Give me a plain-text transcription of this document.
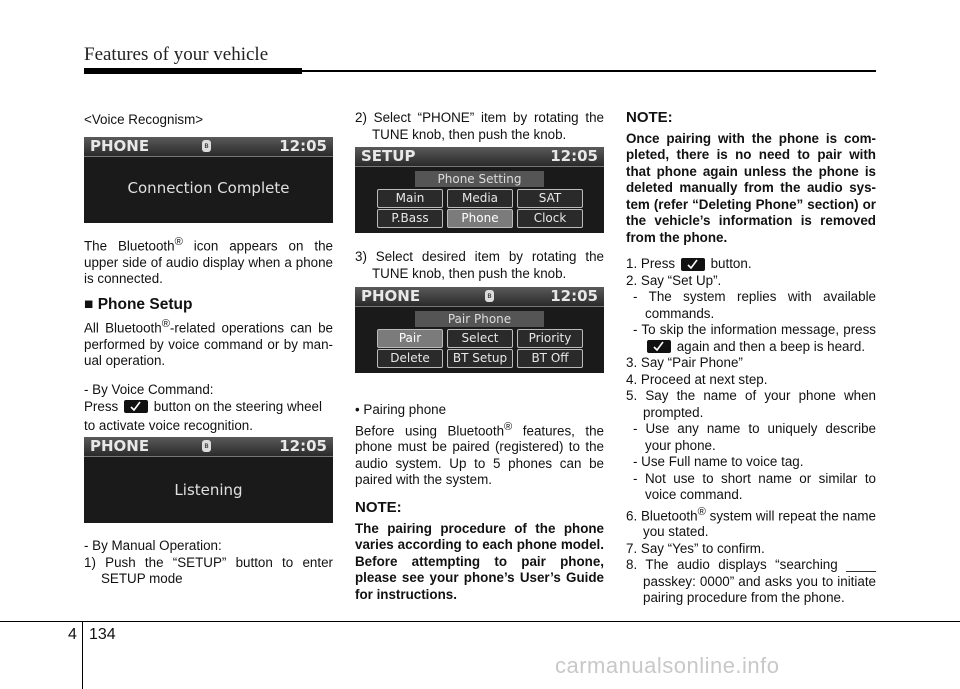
Features of your vehicle

<Voice Recognism>

PHONE	ʙ	12:05
Connection Complete

The Bluetooth® icon appears on the upper side of audio display when a phone is connected.

■ Phone Setup

All Bluetooth®-related operations can be performed by voice command or by man-ual operation.

- By Voice Command:

Press	button on the steering wheel

to activate voice recognition.

PHONE	ʙ	12:05
Listening

- By Manual Operation:

1) Push the “SETUP” button to enter SETUP mode

2) Select “PHONE” item by rotating the TUNE knob, then push the knob.

SETUP	12:05
Phone Setting
Main	Media	SAT
P.Bass	Phone	Clock

3) Select desired item by rotating the TUNE knob, then push the knob.

PHONE	ʙ	12:05
Pair Phone
Pair	Select	Priority
Delete	BT Setup	BT Off

• Pairing phone

Before using Bluetooth® features, the phone must be paired (registered) to the audio system. Up to 5 phones can be paired with the system.

NOTE:

The pairing procedure of the phone varies according to each phone model. Before attempting to pair phone, please see your phone’s User’s Guide for instructions.

NOTE:

Once pairing with the phone is com-pleted, there is no need to pair with that phone again unless the phone is deleted manually from the audio sys-tem (refer “Deleting Phone” section) or the vehicle’s information is removed from the phone.

1. Press	button.

2. Say “Set Up”.

- The system replies with available commands.

- To skip the information message, press
again and then a beep is heard.

3. Say “Pair Phone”

4. Proceed at next step.

5. Say the name of your phone when prompted.

- Use any name to uniquely describe your phone.

- Use Full name to voice tag.

- Not use to short name or similar to voice command.

6. Bluetooth® system will repeat the name you stated.

7. Say “Yes” to confirm.

8. The audio displays “searching ____ passkey: 0000” and asks you to initiate pairing procedure from the phone.

4 134
carmanualsonline.info
